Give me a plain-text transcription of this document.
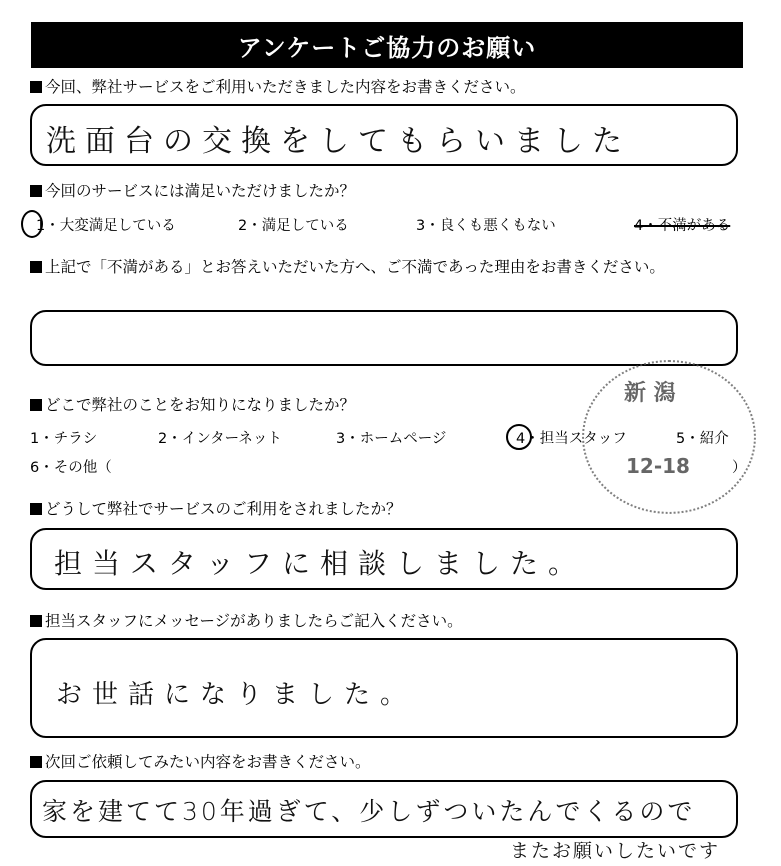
アンケートご協力のお願い
今回、弊社サービスをご利用いただきました内容をお書きください。
洗面台の交換をしてもらいました
今回のサービスには満足いただけましたか？
1・大変満足している	2・満足している	3・良くも悪くもない	4・不満がある
上記で「不満がある」とお答えいただいた方へ、ご不満であった理由をお書きください。
どこで弊社のことをお知りになりましたか？
1・チラシ	2・インターネット	3・ホームページ	4・担当スタッフ	5・紹介
6・その他（	）
新 潟
12-18
どうして弊社でサービスのご利用をされましたか？
担当スタッフに相談しました。
担当スタッフにメッセージがありましたらご記入ください。
お世話になりました。
次回ご依頼してみたい内容をお書きください。
家を建てて30年過ぎて、少しずついたんでくるので
またお願いしたいです
